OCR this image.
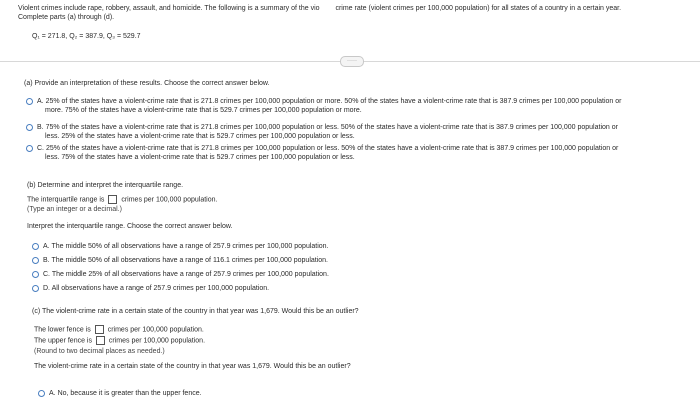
Violent crimes include rape, robbery, assault, and homicide. The following is a summary of the vio crime rate (violent crimes per 100,000 population) for all states of a country in a certain year.
Complete parts (a) through (d).
Q₁ = 271.8, Q₂ = 387.9, Q₃ = 529.7
·····
(a) Provide an interpretation of these results. Choose the correct answer below.
A. 25% of the states have a violent-crime rate that is 271.8 crimes per 100,000 population or more. 50% of the states have a violent-crime rate that is 387.9 crimes per 100,000 population or
more. 75% of the states have a violent-crime rate that is 529.7 crimes per 100,000 population or more.
B. 75% of the states have a violent-crime rate that is 271.8 crimes per 100,000 population or less. 50% of the states have a violent-crime rate that is 387.9 crimes per 100,000 population or
less. 25% of the states have a violent-crime rate that is 529.7 crimes per 100,000 population or less.
C. 25% of the states have a violent-crime rate that is 271.8 crimes per 100,000 population or less. 50% of the states have a violent-crime rate that is 387.9 crimes per 100,000 population or
less. 75% of the states have a violent-crime rate that is 529.7 crimes per 100,000 population or less.
(b) Determine and interpret the interquartile range.
The interquartile range is crimes per 100,000 population.
(Type an integer or a decimal.)
Interpret the interquartile range. Choose the correct answer below.
A. The middle 50% of all observations have a range of 257.9 crimes per 100,000 population.
B. The middle 50% of all observations have a range of 116.1 crimes per 100,000 population.
C. The middle 25% of all observations have a range of 257.9 crimes per 100,000 population.
D. All observations have a range of 257.9 crimes per 100,000 population.
(c) The violent-crime rate in a certain state of the country in that year was 1,679. Would this be an outlier?
The lower fence is crimes per 100,000 population.
The upper fence is crimes per 100,000 population.
(Round to two decimal places as needed.)
The violent-crime rate in a certain state of the country in that year was 1,679. Would this be an outlier?
A. No, because it is greater than the upper fence.
